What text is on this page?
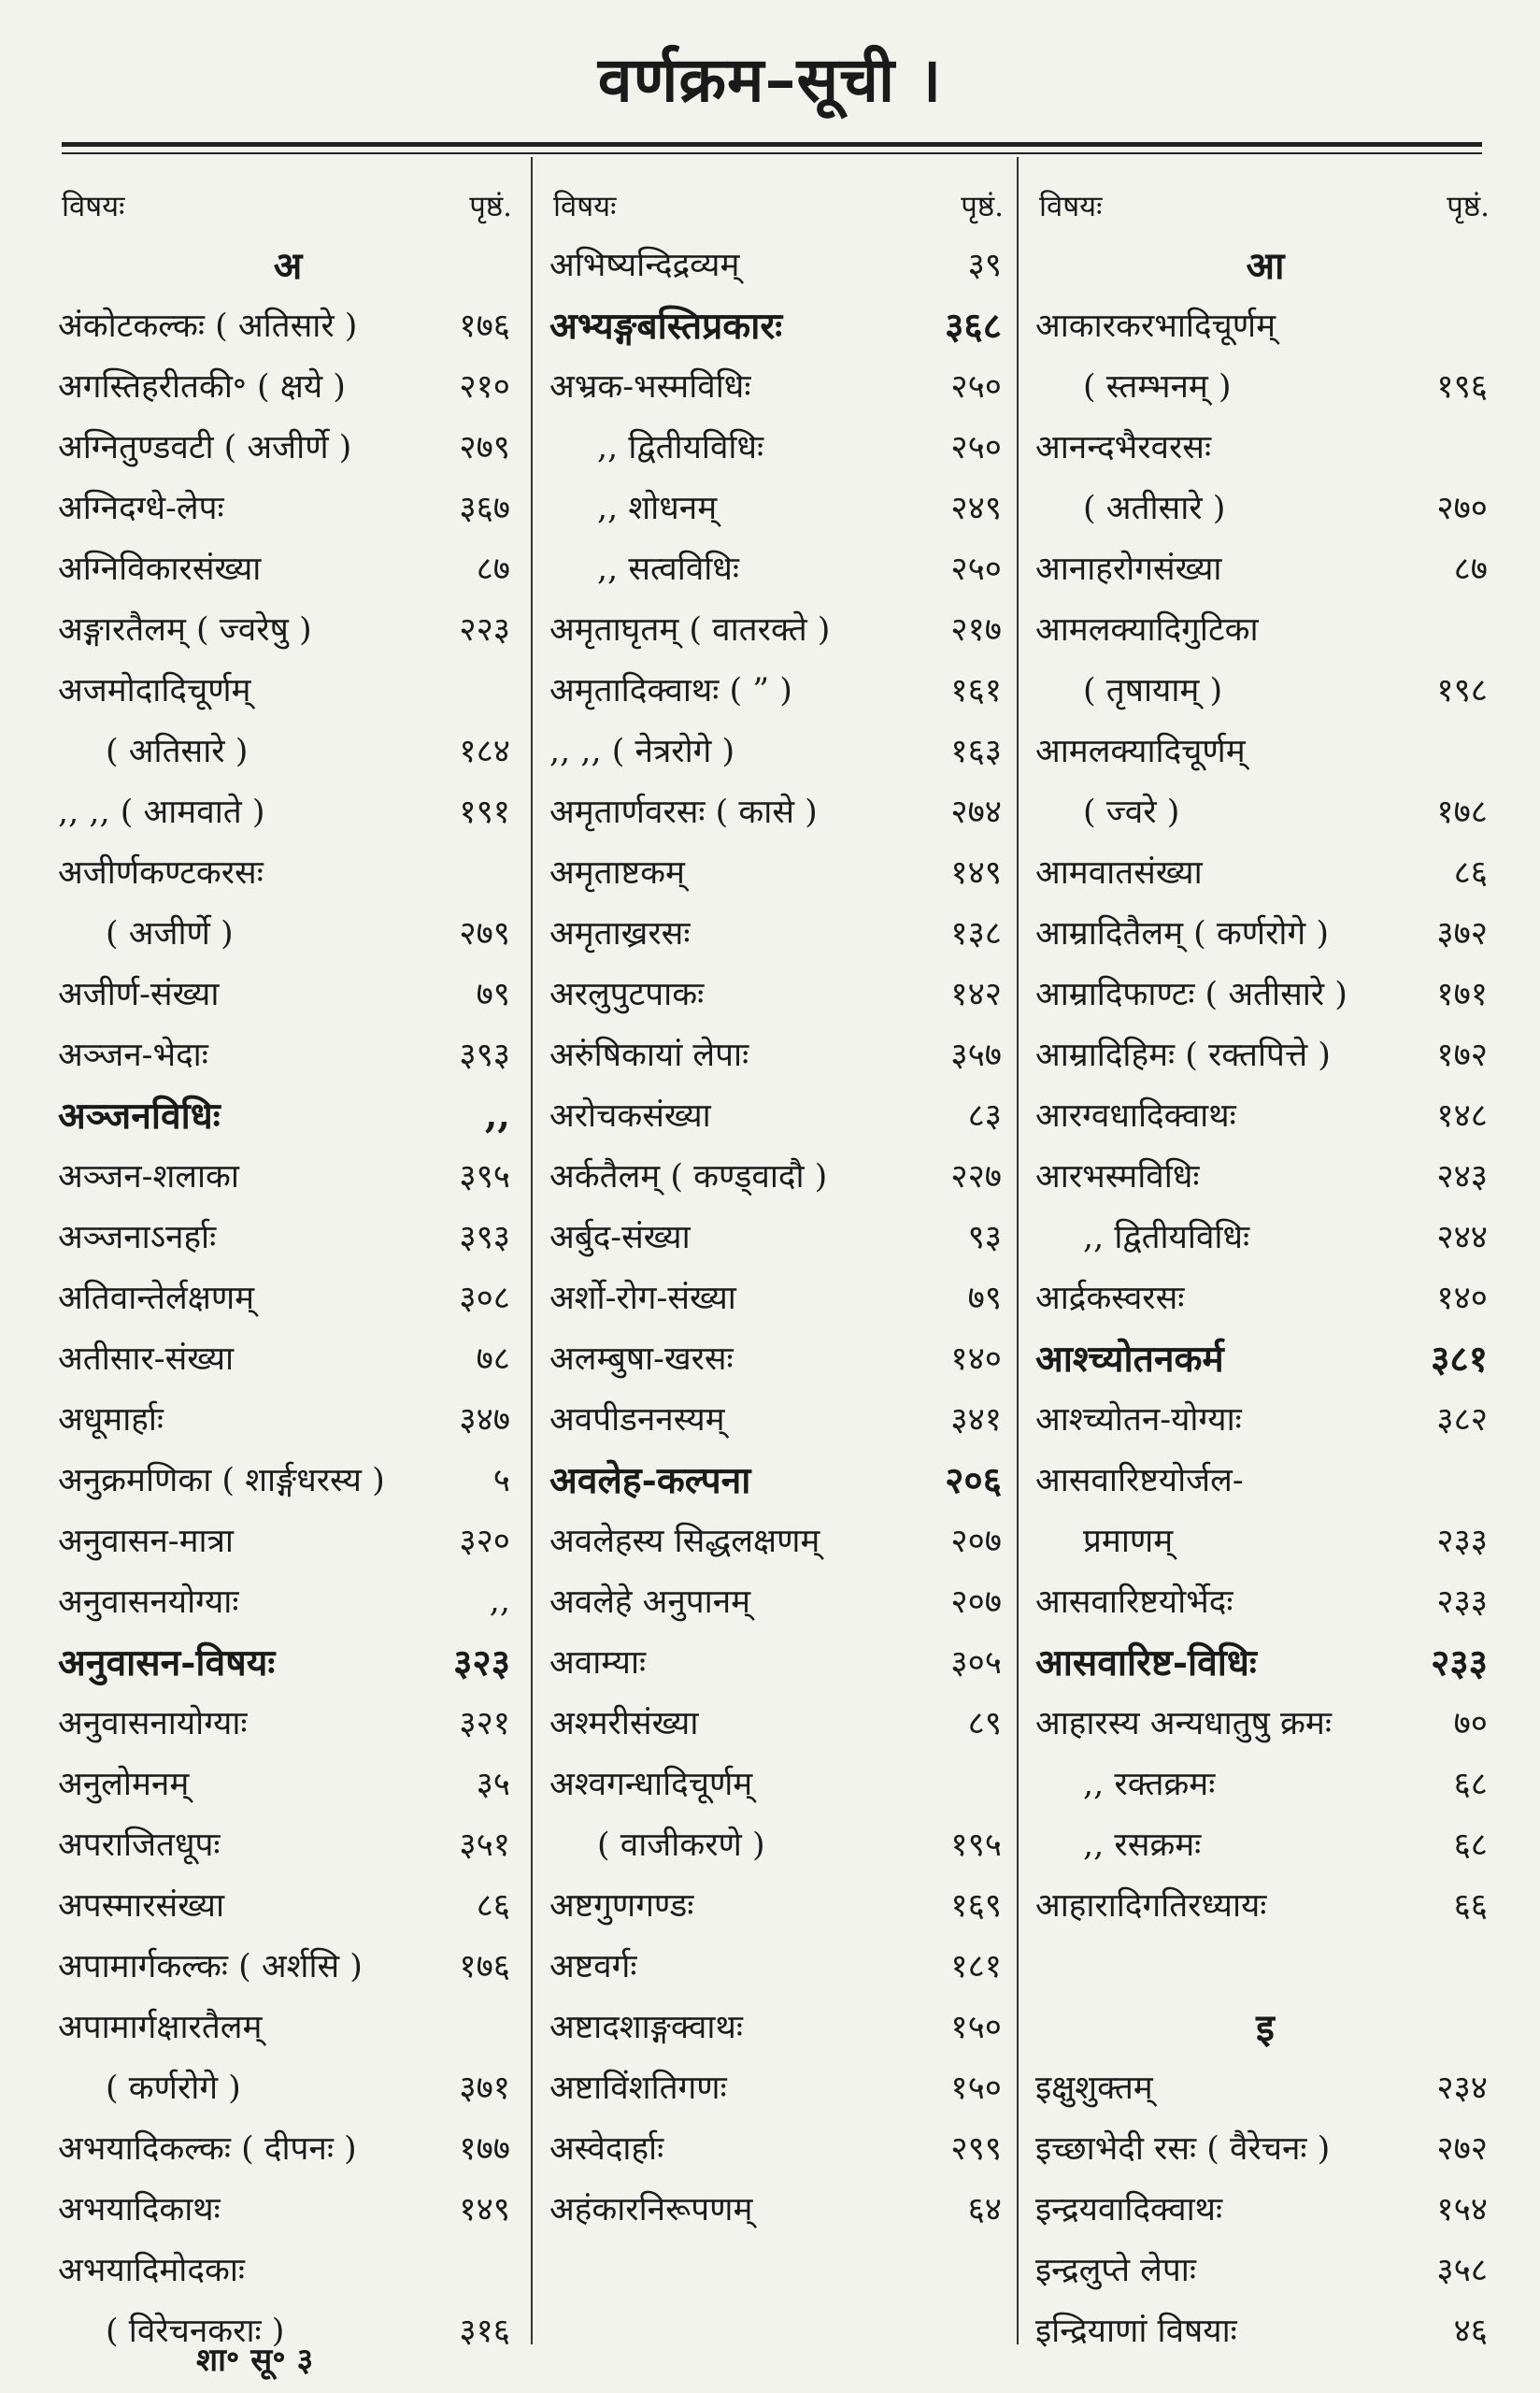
वर्णक्रम–सूची ।
विषयः	पृष्ठं.
अ
अंकोटकल्कः ( अतिसारे )	१७६
अगस्तिहरीतकी॰ ( क्षये )	२१०
अग्नितुण्डवटी ( अजीर्णे )	२७९
अग्निदग्धे-लेपः	३६७
अग्निविकारसंख्या	८७
अङ्गारतैलम् ( ज्वरेषु )	२२३
अजमोदादिचूर्णम्
( अतिसारे )	१८४
,, ,, ( आमवाते )	१९१
अजीर्णकण्टकरसः
( अजीर्णे )	२७९
अजीर्ण-संख्या	७९
अञ्जन-भेदाः	३९३
अञ्जनविधिः	,,
अञ्जन-शलाका	३९५
अञ्जनाऽनर्हाः	३९३
अतिवान्तेर्लक्षणम्	३०८
अतीसार-संख्या	७८
अधूमार्हाः	३४७
अनुक्रमणिका ( शार्ङ्गधरस्य )	५
अनुवासन-मात्रा	३२०
अनुवासनयोग्याः	,,
अनुवासन-विषयः	३२३
अनुवासनायोग्याः	३२१
अनुलोमनम्	३५
अपराजितधूपः	३५१
अपस्मारसंख्या	८६
अपामार्गकल्कः ( अर्शसि )	१७६
अपामार्गक्षारतैलम्
( कर्णरोगे )	३७१
अभयादिकल्कः ( दीपनः )	१७७
अभयादिकाथः	१४९
अभयादिमोदकाः
( विरेचनकराः )	३१६
विषयः	पृष्ठं.
अभिष्यन्दिद्रव्यम्	३९
अभ्यङ्गबस्तिप्रकारः	३६८
अभ्रक-भस्मविधिः	२५०
,, द्वितीयविधिः	२५०
,, शोधनम्	२४९
,, सत्वविधिः	२५०
अमृताघृतम् ( वातरक्ते )	२१७
अमृतादिक्वाथः ( ” )	१६१
,, ,, ( नेत्ररोगे )	१६३
अमृतार्णवरसः ( कासे )	२७४
अमृताष्टकम्	१४९
अमृताख्ररसः	१३८
अरलुपुटपाकः	१४२
अरुंषिकायां लेपाः	३५७
अरोचकसंख्या	८३
अर्कतैलम् ( कण्ड्वादौ )	२२७
अर्बुद-संख्या	९३
अर्शो-रोग-संख्या	७९
अलम्बुषा-खरसः	१४०
अवपीडननस्यम्	३४१
अवलेह-कल्पना	२०६
अवलेहस्य सिद्धलक्षणम्	२०७
अवलेहे अनुपानम्	२०७
अवाम्याः	३०५
अश्मरीसंख्या	८९
अश्वगन्धादिचूर्णम्
( वाजीकरणे )	१९५
अष्टगुणगण्डः	१६९
अष्टवर्गः	१८१
अष्टादशाङ्गक्वाथः	१५०
अष्टाविंशतिगणः	१५०
अस्वेदार्हाः	२९९
अहंकारनिरूपणम्	६४
विषयः	पृष्ठं.
आ
आकारकरभादिचूर्णम्
( स्तम्भनम् )	१९६
आनन्दभैरवरसः
( अतीसारे )	२७०
आनाहरोगसंख्या	८७
आमलक्यादिगुटिका
( तृषायाम् )	१९८
आमलक्यादिचूर्णम्
( ज्वरे )	१७८
आमवातसंख्या	८६
आम्रादितैलम् ( कर्णरोगे )	३७२
आम्रादिफाण्टः ( अतीसारे )	१७१
आम्रादिहिमः ( रक्तपित्ते )	१७२
आरग्वधादिक्वाथः	१४८
आरभस्मविधिः	२४३
,, द्वितीयविधिः	२४४
आर्द्रकस्वरसः	१४०
आश्च्योतनकर्म	३८१
आश्च्योतन-योग्याः	३८२
आसवारिष्टयोर्जल-
प्रमाणम्	२३३
आसवारिष्टयोर्भेदः	२३३
आसवारिष्ट-विधिः	२३३
आहारस्य अन्यधातुषु क्रमः	७०
,, रक्तक्रमः	६८
,, रसक्रमः	६८
आहारादिगतिरध्यायः	६६
इ
इक्षुशुक्तम्	२३४
इच्छाभेदी रसः ( वैरेचनः )	२७२
इन्द्रयवादिक्वाथः	१५४
इन्द्रलुप्ते लेपाः	३५८
इन्द्रियाणां विषयाः	४६
शा॰ सू॰ ३
